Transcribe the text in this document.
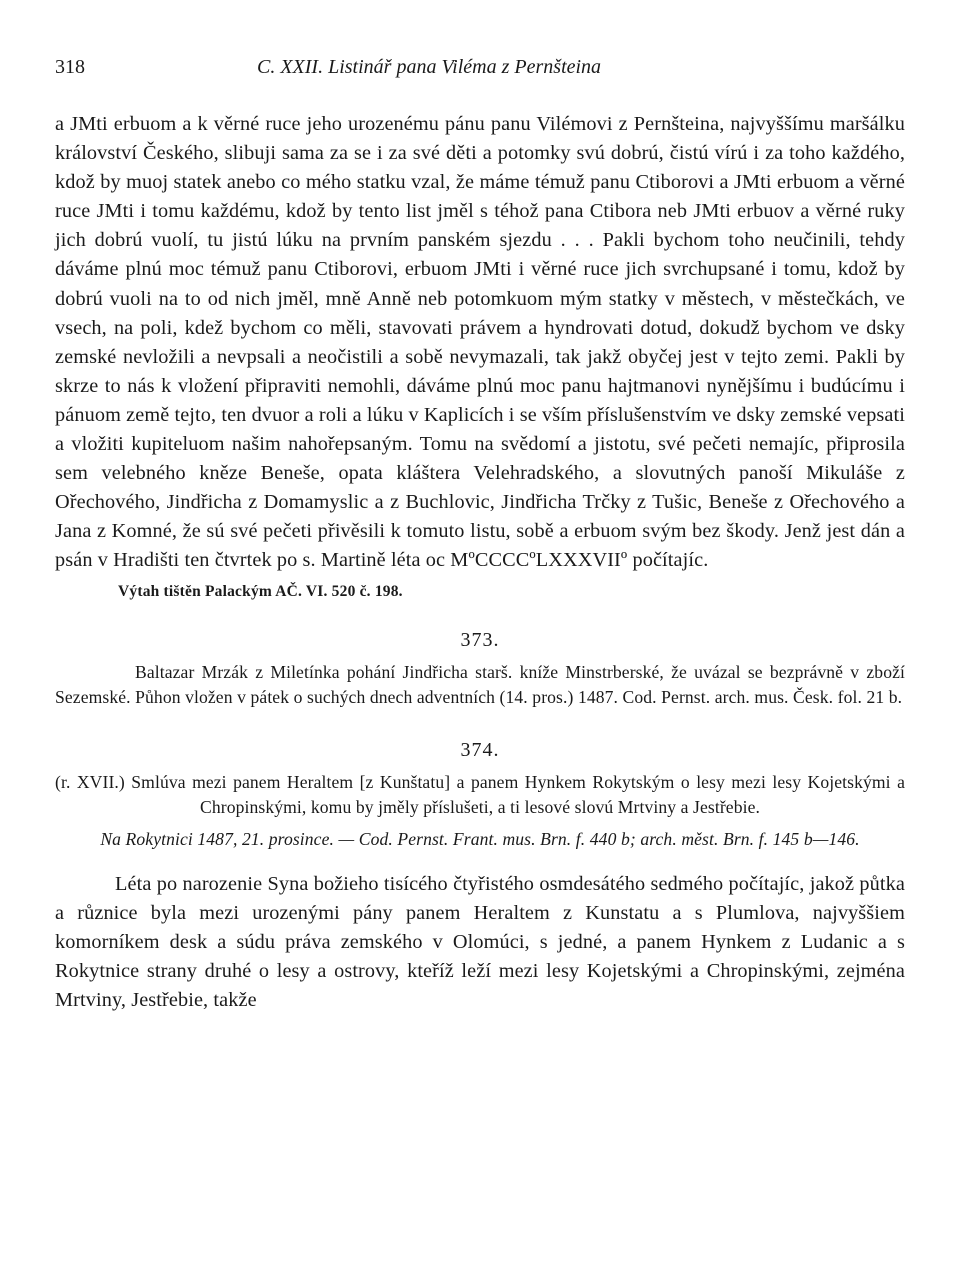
318	C. XXII. Listinář pana Viléma z Pernšteina

a JMti erbuom a k věrné ruce jeho urozenému pánu panu Vilémovi z Pernšteina, najvyššímu maršálku království Českého, slibuji sama za se i za své děti a potomky svú dobrú, čistú vírú i za toho každého, kdož by muoj statek anebo co mého statku vzal, že máme témuž panu Ctiborovi a JMti erbuom a věrné ruce JMti i tomu každému, kdož by tento list jměl s téhož pana Ctibora neb JMti erbuov a věrné ruky jich dobrú vuolí, tu jistú lúku na prvním panském sjezdu . . . Pakli bychom toho neučinili, tehdy dáváme plnú moc témuž panu Ctiborovi, erbuom JMti i věrné ruce jich svrchupsané i tomu, kdož by dobrú vuoli na to od nich jměl, mně Anně neb potomkuom mým statky v městech, v městečkách, ve vsech, na poli, kdež bychom co měli, stavovati právem a hyndrovati dotud, dokudž bychom ve dsky zemské nevložili a nevpsali a neočistili a sobě nevymazali, tak jakž obyčej jest v tejto zemi. Pakli by skrze to nás k vložení připraviti nemohli, dáváme plnú moc panu hajtmanovi nynějšímu i budúcímu i pánuom země tejto, ten dvuor a roli a lúku v Kaplicích i se vším příslušenstvím ve dsky zemské vepsati a vložiti kupiteluom našim nahořepsaným. Tomu na svědomí a jistotu, své pečeti nemajíc, připrosila sem velebného kněze Beneše, opata kláštera Velehradského, a slovutných panoší Mikuláše z Ořechového, Jindřicha z Domamyslic a z Buchlovic, Jindřicha Trčky z Tušic, Beneše z Ořechového a Jana z Komné, že sú své pečeti přivěsili k tomuto listu, sobě a erbuom svým bez škody. Jenž jest dán a psán v Hradišti ten čtvrtek po s. Martině léta oc MºCCCCºLXXXVIIº počítajíc.

Výtah tištěn Palackým AČ. VI. 520 č. 198.

373.

Baltazar Mrzák z Miletínka pohání Jindřicha starš. kníže Minstrberské, že uvázal se bezprávně v zboží Sezemské. Půhon vložen v pátek o suchých dnech adventních (14. pros.) 1487. Cod. Pernst. arch. mus. Česk. fol. 21 b.

374.

(r. XVII.) Smlúva mezi panem Heraltem [z Kunštatu] a panem Hynkem Rokytským o lesy mezi lesy Kojetskými a Chropinskými, komu by jměly příslušeti, a ti lesové slovú Mrtviny a Jestřebie.

Na Rokytnici 1487, 21. prosince. — Cod. Pernst. Frant. mus. Brn. f. 440 b; arch. měst. Brn. f. 145 b—146.

Léta po narozenie Syna božieho tisícého čtyřistého osmdesátého sedmého počítajíc, jakož půtka a různice byla mezi urozenými pány panem Heraltem z Kunstatu a s Plumlova, najvyššiem komorníkem desk a súdu práva zemského v Olomúci, s jedné, a panem Hynkem z Ludanic a s Rokytnice strany druhé o lesy a ostrovy, kteříž leží mezi lesy Kojetskými a Chropinskými, zejména Mrtviny, Jestřebie, takže
